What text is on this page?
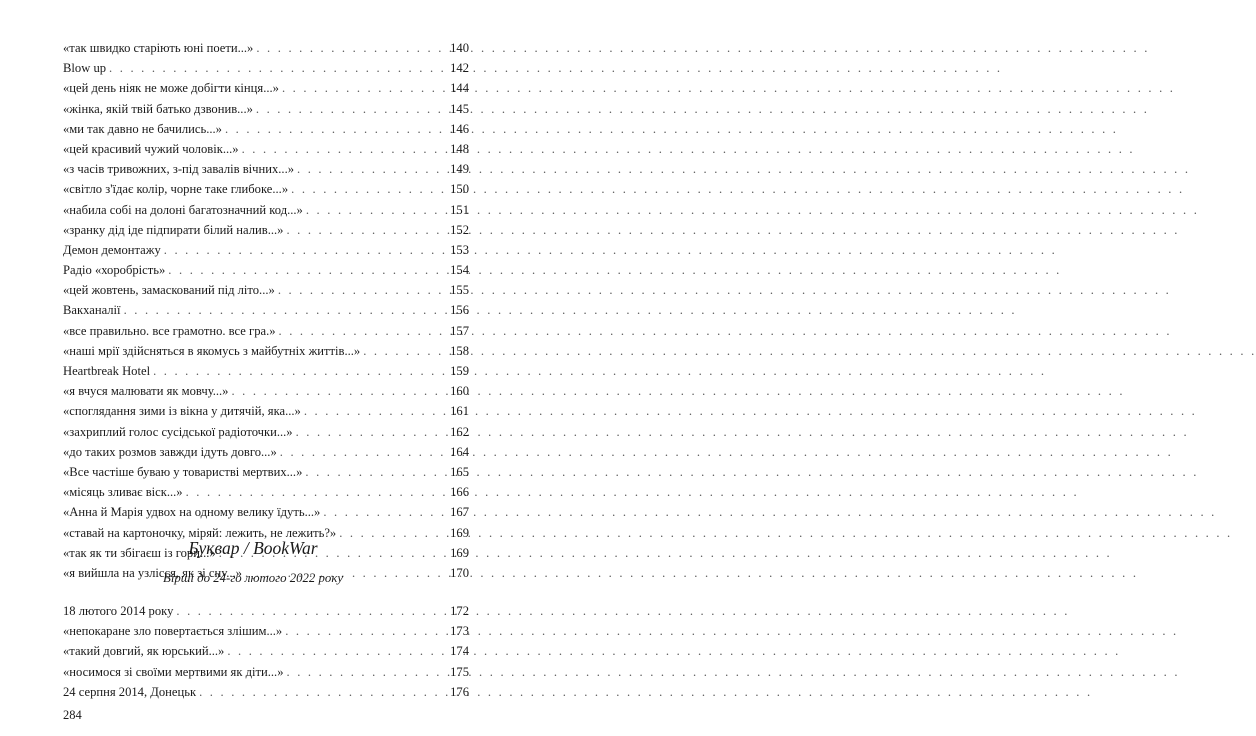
«так швидко старіють юні поети...» . . .	140
Blow up . . .	142
«цей день ніяк не може добігти кінця...» . . .	144
«жінка, якій твій батько дзвонив...» . . .	145
«ми так давно не бачились...» . . .	146
«цей красивий чужий чоловік...» . . .	148
«з часів тривожних, з-під завалів вічних...» . . .	149
«світло з'їдає колір, чорне таке глибоке...» . . .	150
«набила собі на долоні багатозначний код...» . . .	151
«зранку дід іде підпирати білий налив...» . . .	152
Демон демонтажу . . .	153
Радіо «хоробрість» . . .	154
«цей жовтень, замаскований під літо...» . . .	155
Вакханалії . . .	156
«все правильно. все грамотно. все гра.» . . .	157
«наші мрії здійсняться в якомусь з майбутніх життів...» . . .	158
Heartbreak Hotel . . .	159
«я вчуся малювати як мовчу...» . . .	160
«споглядання зими із вікна у дитячій, яка...» . . .	161
«захриплий голос сусідської радіоточки...» . . .	162
«до таких розмов завжди ідуть довго...» . . .	164
«Все частіше буваю у товаристві мертвих...» . . .	165
«місяць зливає віск...» . . .	166
«Анна й Марія удвох на одному велику їдуть...» . . .	167
«ставай на картоночку, міряй: лежить, не лежить?» . . .	169
«так як ти збігаєш із гори...» . . .	169
«я вийшла на узлісся, як зі сну...» . . .	170
Буквар / BookWar
Вірші до 24-го лютого 2022 року
18 лютого 2014 року . . .	172
«непокаране зло повертається злішим...» . . .	173
«такий довгий, як юрський...» . . .	174
«носимося зі своїми мертвими як діти...» . . .	175
24 серпня 2014, Донецьк . . .	176
284
